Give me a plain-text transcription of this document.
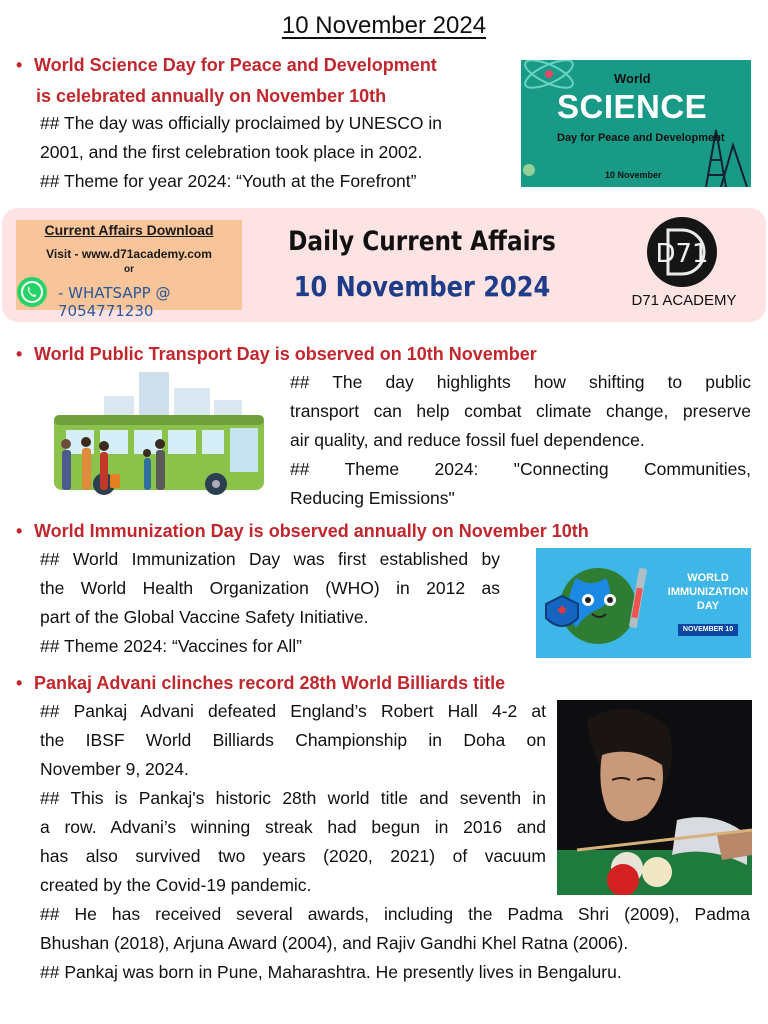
10 November 2024
• World Science Day for Peace and Development
is celebrated annually on November 10th
## The day was officially proclaimed by UNESCO in
2001, and the first celebration took place in 2002.
## Theme for year 2024: “Youth at the Forefront”
World
SCIENCE
Day for Peace and Development
10 November
Current Affairs Download
Visit - www.d71academy.com
or
- WHATSAPP @ 7054771230
Daily Current Affairs
10 November 2024
D71
D71 ACADEMY
• World Public Transport Day is observed on 10th November
## The day highlights how shifting to public
transport can help combat climate change, preserve
air quality, and reduce fossil fuel dependence.
## Theme 2024: "Connecting Communities,
Reducing Emissions"
• World Immunization Day is observed annually on November 10th
## World Immunization Day was first established by
the World Health Organization (WHO) in 2012 as
part of the Global Vaccine Safety Initiative.
## Theme 2024: “Vaccines for All”
WORLD
IMMUNIZATION
DAY
NOVEMBER 10
• Pankaj Advani clinches record 28th World Billiards title
## Pankaj Advani defeated England’s Robert Hall 4-2 at
the IBSF World Billiards Championship in Doha on
November 9, 2024.
## This is Pankaj's historic 28th world title and seventh in
a row. Advani’s winning streak had begun in 2016 and
has also survived two years (2020, 2021) of vacuum
created by the Covid-19 pandemic.
## He has received several awards, including the Padma Shri (2009), Padma
Bhushan (2018), Arjuna Award (2004), and Rajiv Gandhi Khel Ratna (2006).
## Pankaj was born in Pune, Maharashtra. He presently lives in Bengaluru.
